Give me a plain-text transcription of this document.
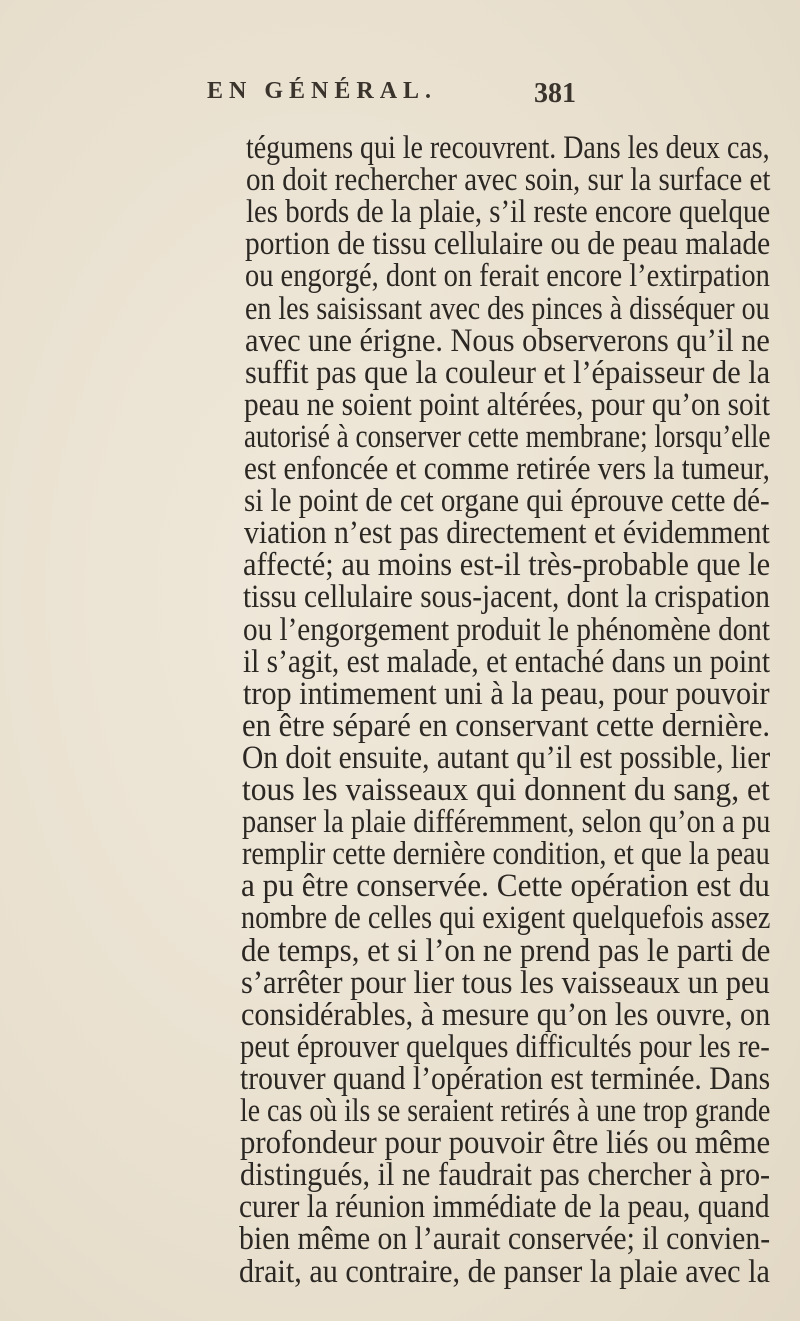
EN GÉNÉRAL.	381
tégumens qui le recouvrent. Dans les deux cas,
on doit rechercher avec soin, sur la surface et
les bords de la plaie, s’il reste encore quelque
portion de tissu cellulaire ou de peau malade
ou engorgé, dont on ferait encore l’extirpation
en les saisissant avec des pinces à disséquer ou
avec une érigne. Nous observerons qu’il ne
suffit pas que la couleur et l’épaisseur de la
peau ne soient point altérées, pour qu’on soit
autorisé à conserver cette membrane; lorsqu’elle
est enfoncée et comme retirée vers la tumeur,
si le point de cet organe qui éprouve cette dé-
viation n’est pas directement et évidemment
affecté; au moins est-il très-probable que le
tissu cellulaire sous-jacent, dont la crispation
ou l’engorgement produit le phénomène dont
il s’agit, est malade, et entaché dans un point
trop intimement uni à la peau, pour pouvoir
en être séparé en conservant cette dernière.
On doit ensuite, autant qu’il est possible, lier
tous les vaisseaux qui donnent du sang, et
panser la plaie différemment, selon qu’on a pu
remplir cette dernière condition, et que la peau
a pu être conservée. Cette opération est du
nombre de celles qui exigent quelquefois assez
de temps, et si l’on ne prend pas le parti de
s’arrêter pour lier tous les vaisseaux un peu
considérables, à mesure qu’on les ouvre, on
peut éprouver quelques difficultés pour les re-
trouver quand l’opération est terminée. Dans
le cas où ils se seraient retirés à une trop grande
profondeur pour pouvoir être liés ou même
distingués, il ne faudrait pas chercher à pro-
curer la réunion immédiate de la peau, quand
bien même on l’aurait conservée; il convien-
drait, au contraire, de panser la plaie avec la
